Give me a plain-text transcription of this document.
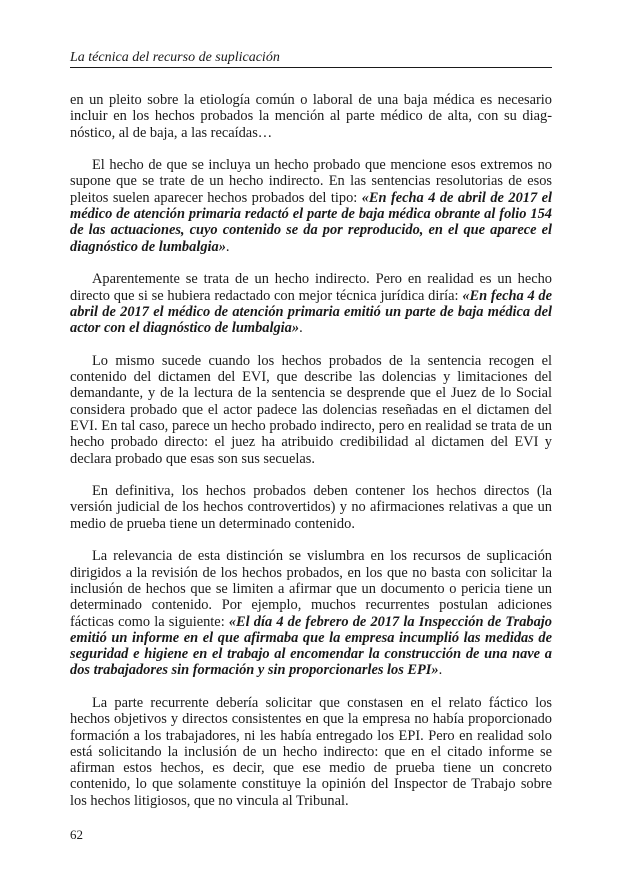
La técnica del recurso de suplicación

en un pleito sobre la etiología común o laboral de una baja médica es necesario incluir en los hechos probados la mención al parte médico de alta, con su diagnóstico, al de baja, a las recaídas…

El hecho de que se incluya un hecho probado que mencione esos extremos no supone que se trate de un hecho indirecto. En las sentencias resolutorias de esos pleitos suelen aparecer hechos probados del tipo: «En fecha 4 de abril de 2017 el médico de atención primaria redactó el parte de baja médica obrante al folio 154 de las actuaciones, cuyo contenido se da por reproducido, en el que aparece el diagnóstico de lumbalgia».

Aparentemente se trata de un hecho indirecto. Pero en realidad es un hecho directo que si se hubiera redactado con mejor técnica jurídica diría: «En fecha 4 de abril de 2017 el médico de atención primaria emitió un parte de baja médica del actor con el diagnóstico de lumbalgia».

Lo mismo sucede cuando los hechos probados de la sentencia recogen el contenido del dictamen del EVI, que describe las dolencias y limitaciones del demandante, y de la lectura de la sentencia se desprende que el Juez de lo Social considera probado que el actor padece las dolencias reseñadas en el dictamen del EVI. En tal caso, parece un hecho probado indirecto, pero en realidad se trata de un hecho probado directo: el juez ha atribuido credibilidad al dictamen del EVI y declara probado que esas son sus secuelas.

En definitiva, los hechos probados deben contener los hechos directos (la versión judicial de los hechos controvertidos) y no afirmaciones relativas a que un medio de prueba tiene un determinado contenido.

La relevancia de esta distinción se vislumbra en los recursos de suplicación dirigidos a la revisión de los hechos probados, en los que no basta con solicitar la inclusión de hechos que se limiten a afirmar que un documento o pericia tiene un determinado contenido. Por ejemplo, muchos recurrentes postulan adiciones fácticas como la siguiente: «El día 4 de febrero de 2017 la Inspección de Trabajo emitió un informe en el que afirmaba que la empresa incumplió las medidas de seguridad e higiene en el trabajo al encomendar la construcción de una nave a dos trabajadores sin formación y sin proporcionarles los EPI».

La parte recurrente debería solicitar que constasen en el relato fáctico los hechos objetivos y directos consistentes en que la empresa no había proporcionado formación a los trabajadores, ni les había entregado los EPI. Pero en realidad solo está solicitando la inclusión de un hecho indirecto: que en el citado informe se afirman estos hechos, es decir, que ese medio de prueba tiene un concreto contenido, lo que solamente constituye la opinión del Inspector de Trabajo sobre los hechos litigiosos, que no vincula al Tribunal.

62
